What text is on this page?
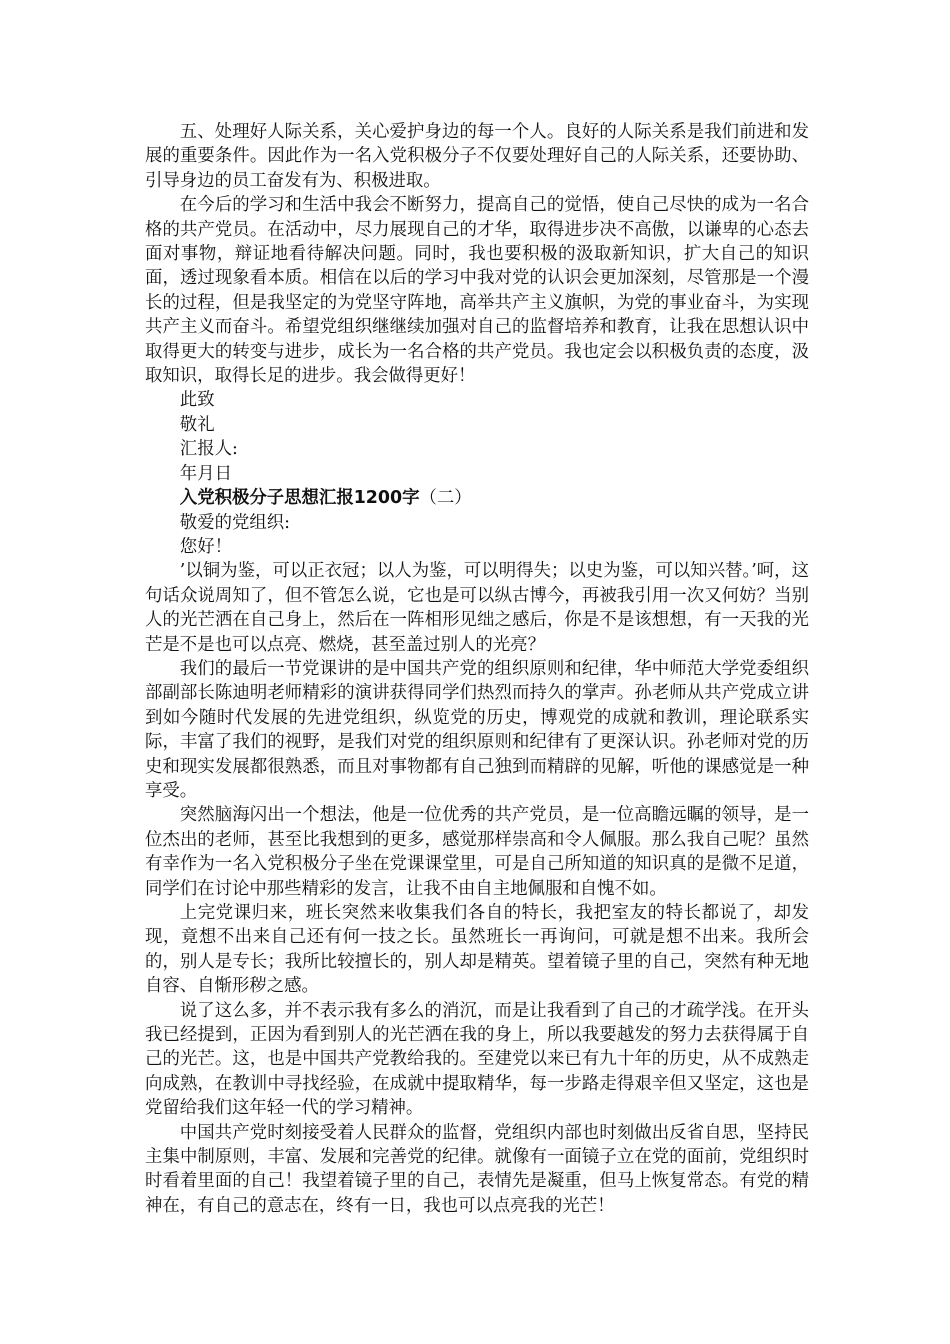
五、处理好人际关系，关心爱护身边的每一个人。良好的人际关系是我们前进和发展的重要条件。因此作为一名入党积极分子不仅要处理好自己的人际关系，还要协助、引导身边的员工奋发有为、积极进取。

在今后的学习和生活中我会不断努力，提高自己的觉悟，使自己尽快的成为一名合格的共产党员。在活动中，尽力展现自己的才华，取得进步决不高傲，以谦卑的心态去面对事物，辩证地看待解决问题。同时，我也要积极的汲取新知识，扩大自己的知识面，透过现象看本质。相信在以后的学习中我对党的认识会更加深刻，尽管那是一个漫长的过程，但是我坚定的为党坚守阵地，高举共产主义旗帜，为党的事业奋斗，为实现共产主义而奋斗。希望党组织继继续加强对自己的监督培养和教育，让我在思想认识中取得更大的转变与进步，成长为一名合格的共产党员。我也定会以积极负责的态度，汲取知识，取得长足的进步。我会做得更好！

此致

敬礼

汇报人:

年月日

入党积极分子思想汇报1200字（二）

敬爱的党组织:

您好！

’以铜为鉴，可以正衣冠；以人为鉴，可以明得失；以史为鉴，可以知兴替。’呵，这句话众说周知了，但不管怎么说，它也是可以纵古博今，再被我引用一次又何妨？当别人的光芒洒在自己身上，然后在一阵相形见绌之感后，你是不是该想想，有一天我的光芒是不是也可以点亮、燃烧，甚至盖过别人的光亮？

我们的最后一节党课讲的是中国共产党的组织原则和纪律，华中师范大学党委组织部副部长陈迪明老师精彩的演讲获得同学们热烈而持久的掌声。孙老师从共产党成立讲到如今随时代发展的先进党组织，纵览党的历史，博观党的成就和教训，理论联系实际，丰富了我们的视野，是我们对党的组织原则和纪律有了更深认识。孙老师对党的历史和现实发展都很熟悉，而且对事物都有自己独到而精辟的见解，听他的课感觉是一种享受。

突然脑海闪出一个想法，他是一位优秀的共产党员，是一位高瞻远瞩的领导，是一位杰出的老师，甚至比我想到的更多，感觉那样崇高和令人佩服。那么我自己呢？虽然有幸作为一名入党积极分子坐在党课课堂里，可是自己所知道的知识真的是微不足道，同学们在讨论中那些精彩的发言，让我不由自主地佩服和自愧不如。

上完党课归来，班长突然来收集我们各自的特长，我把室友的特长都说了，却发现，竟想不出来自己还有何一技之长。虽然班长一再询问，可就是想不出来。我所会的，别人是专长；我所比较擅长的，别人却是精英。望着镜子里的自己，突然有种无地自容、自惭形秽之感。

说了这么多，并不表示我有多么的消沉，而是让我看到了自己的才疏学浅。在开头我已经提到，正因为看到别人的光芒洒在我的身上，所以我要越发的努力去获得属于自己的光芒。这，也是中国共产党教给我的。至建党以来已有九十年的历史，从不成熟走向成熟，在教训中寻找经验，在成就中提取精华，每一步路走得艰辛但又坚定，这也是党留给我们这年轻一代的学习精神。

中国共产党时刻接受着人民群众的监督，党组织内部也时刻做出反省自思，坚持民主集中制原则，丰富、发展和完善党的纪律。就像有一面镜子立在党的面前，党组织时时看着里面的自己！我望着镜子里的自己，表情先是凝重，但马上恢复常态。有党的精神在，有自己的意志在，终有一日，我也可以点亮我的光芒！
